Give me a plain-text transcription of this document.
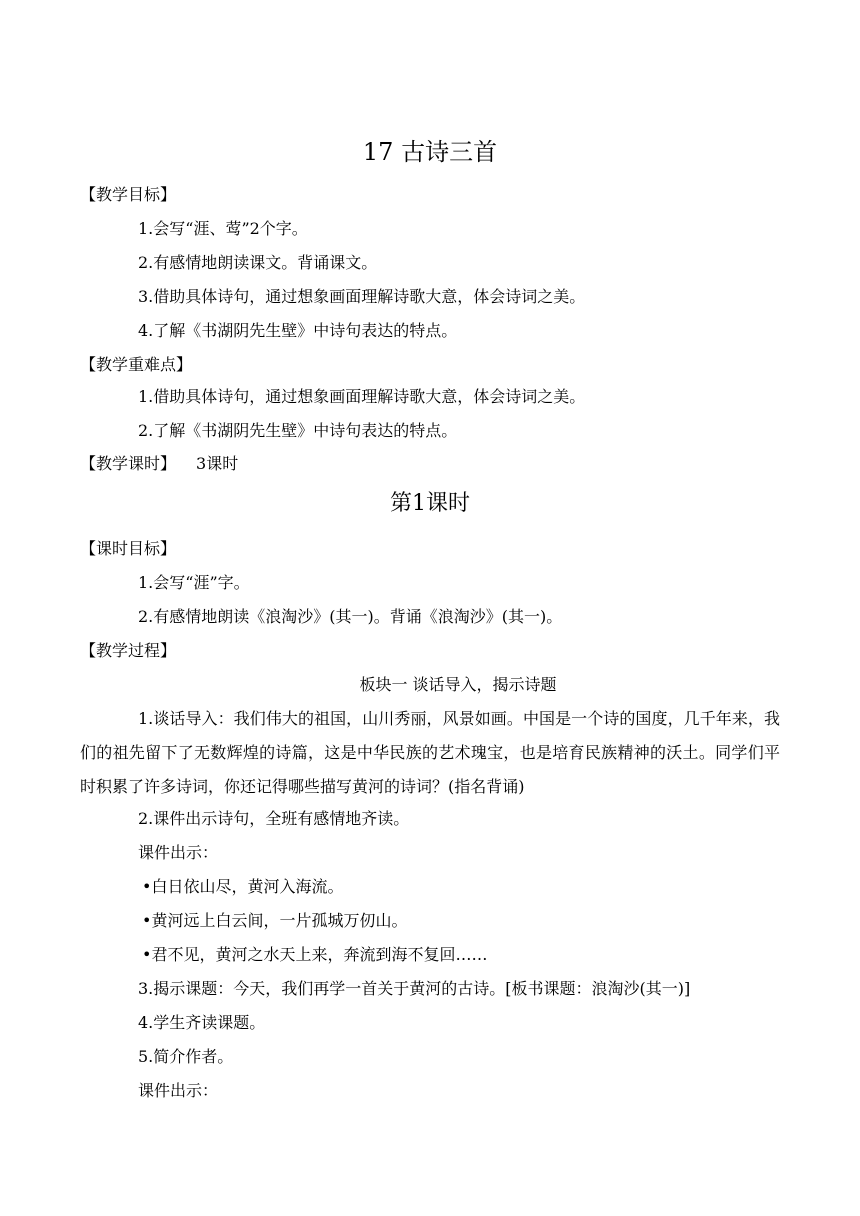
17 古诗三首
【教学目标】
1.会写“涯、莺”2个字。
2.有感情地朗读课文。背诵课文。
3.借助具体诗句，通过想象画面理解诗歌大意，体会诗词之美。
4.了解《书湖阴先生壁》中诗句表达的特点。
【教学重难点】
1.借助具体诗句，通过想象画面理解诗歌大意，体会诗词之美。
2.了解《书湖阴先生壁》中诗句表达的特点。
【教学课时】 3课时
第1课时
【课时目标】
1.会写“涯”字。
2.有感情地朗读《浪淘沙》(其一)。背诵《浪淘沙》(其一)。
【教学过程】
板块一 谈话导入，揭示诗题
1.谈话导入：我们伟大的祖国，山川秀丽，风景如画。中国是一个诗的国度，几千年来，我们的祖先留下了无数辉煌的诗篇，这是中华民族的艺术瑰宝，也是培育民族精神的沃土。同学们平时积累了许多诗词，你还记得哪些描写黄河的诗词？(指名背诵)
2.课件出示诗句，全班有感情地齐读。
课件出示：
•白日依山尽，黄河入海流。
•黄河远上白云间，一片孤城万仞山。
•君不见，黄河之水天上来，奔流到海不复回……
3.揭示课题：今天，我们再学一首关于黄河的古诗。[板书课题：浪淘沙(其一)]
4.学生齐读课题。
5.简介作者。
课件出示：
